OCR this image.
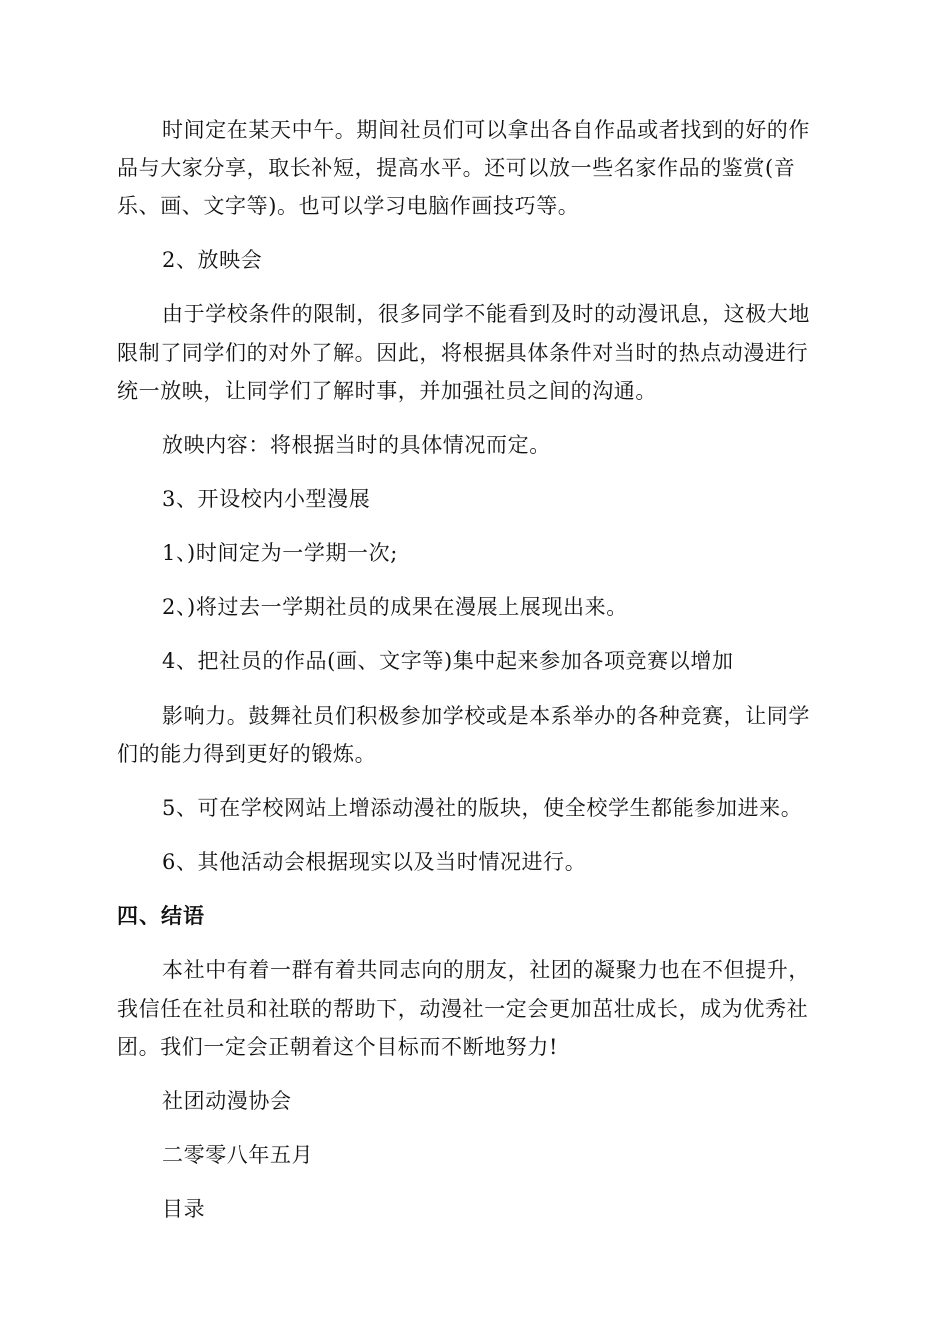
时间定在某天中午。期间社员们可以拿出各自作品或者找到的好的作
品与大家分享，取长补短，提高水平。还可以放一些名家作品的鉴赏(音
乐、画、文字等)。也可以学习电脑作画技巧等。
2、放映会
由于学校条件的限制，很多同学不能看到及时的动漫讯息，这极大地
限制了同学们的对外了解。因此，将根据具体条件对当时的热点动漫进行
统一放映，让同学们了解时事，并加强社员之间的沟通。
放映内容：将根据当时的具体情况而定。
3、开设校内小型漫展
1、)时间定为一学期一次;
2、)将过去一学期社员的成果在漫展上展现出来。
4、把社员的作品(画、文字等)集中起来参加各项竞赛以增加
影响力。鼓舞社员们积极参加学校或是本系举办的各种竞赛，让同学
们的能力得到更好的锻炼。
5、可在学校网站上增添动漫社的版块，使全校学生都能参加进来。
6、其他活动会根据现实以及当时情况进行。
四、结语
本社中有着一群有着共同志向的朋友，社团的凝聚力也在不但提升，
我信任在社员和社联的帮助下，动漫社一定会更加茁壮成长，成为优秀社
团。我们一定会正朝着这个目标而不断地努力!
社团动漫协会
二零零八年五月
目录
